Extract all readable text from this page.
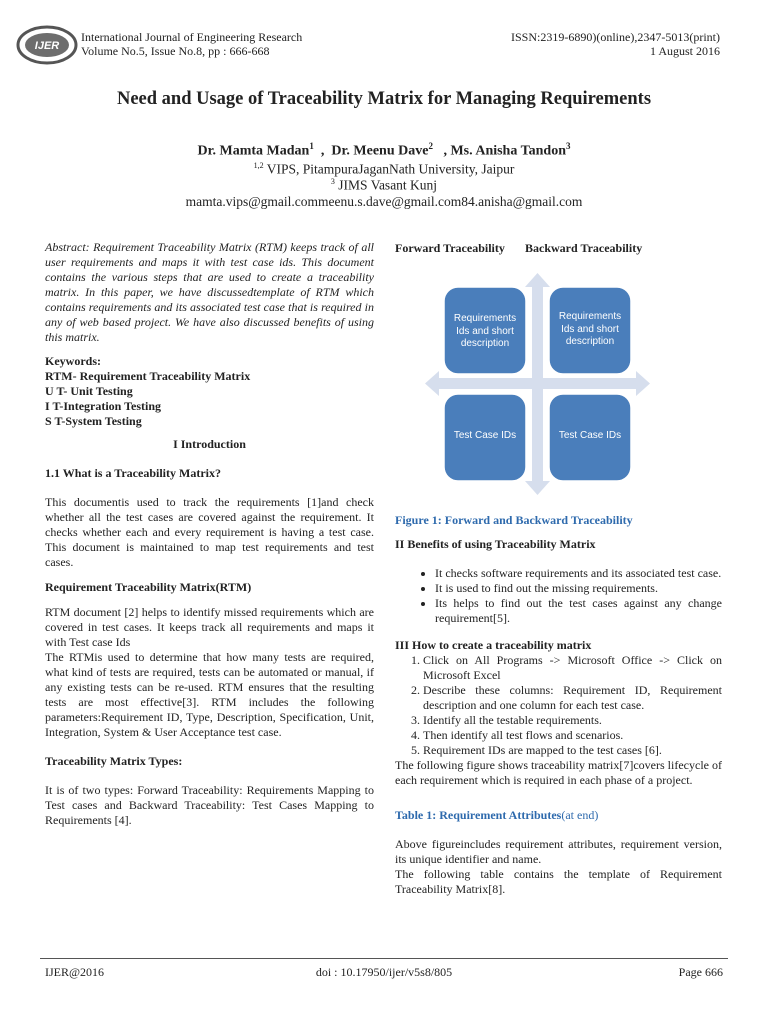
IJER
International Journal of Engineering Research
Volume No.5, Issue No.8, pp : 666-668
ISSN:2319-6890)(online),2347-5013(print)
1 August 2016
Need and Usage of Traceability Matrix for Managing Requirements
Dr. Mamta Madan$^1$  ,  Dr. Meenu Dave$^2$   , Ms. Anisha Tandon$^3$
$^{1,2}$ VIPS, PitampuraJaganNath University, Jaipur
$^3$ JIMS Vasant Kunj
mamta.vips@gmail.commeenu.s.dave@gmail.com84.anisha@gmail.com

Abstract: Requirement Traceability Matrix (RTM) keeps track of all user requirements and maps it with test case ids. This document contains the various steps that are used to create a traceability matrix. In this paper, we have discussedtemplate of RTM which contains requirements and its associated test case that is required in any of web based project. We have also discussed benefits of using this matrix.

Keywords:

RTM- Requirement Traceability Matrix

U T- Unit Testing

I T-Integration Testing

S T-System Testing

I Introduction

1.1 What is a Traceability Matrix?

This documentis used to track the requirements [1]and check whether all the test cases are covered against the requirement. It checks whether each and every requirement is having a test case. This document is maintained to map test requirements and test cases.

Requirement Traceability Matrix(RTM)

RTM document [2] helps to identify missed requirements which are covered in test cases. It keeps track all requirements and maps it with Test case Ids

The RTMis used to determine that how many tests are required, what kind of tests are required, tests can be automated or manual, if any existing tests can be re-used. RTM ensures that the resulting tests are most effective[3]. RTM includes the following parameters:Requirement ID, Type, Description, Specification, Unit, Integration, System & User Acceptance test case.

Traceability Matrix Types:

It is of two types: Forward Traceability: Requirements Mapping to Test cases and Backward Traceability: Test Cases Mapping to Requirements [4].

Forward Traceability Backward Traceability
Requirements Ids and short description
Requirements Ids and short description
Test Case IDs	Test Case IDs

Figure 1: Forward and Backward Traceability

II Benefits of using Traceability Matrix

• It checks software requirements and its associated test case.
• It is used to find out the missing requirements.
• Its helps to find out the test cases against any change requirement[5].

III How to create a traceability matrix

1. Click on All Programs -> Microsoft Office -> Click on Microsoft Excel
2. Describe these columns: Requirement ID, Requirement description and one column for each test case.
3. Identify all the testable requirements.
4. Then identify all test flows and scenarios.
5. Requirement IDs are mapped to the test cases [6].

The following figure shows traceability matrix[7]covers lifecycle of each requirement which is required in each phase of a project.

Table 1: Requirement Attributes(at end)

Above figureincludes requirement attributes, requirement version, its unique identifier and name.

The following table contains the template of Requirement Traceability Matrix[8].

IJER@2016	doi : 10.17950/ijer/v5s8/805	Page 666
